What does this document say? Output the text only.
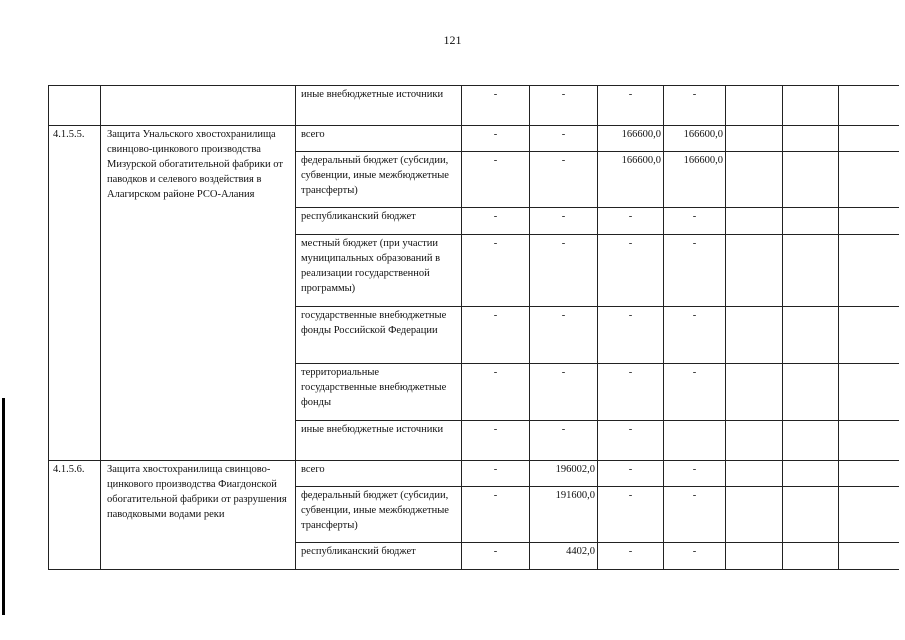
121
		иные внебюджетные источники	-	-	-	-			
4.1.5.5.	Защита Унальского хвостохранилища свинцово-цинкового производства Мизурской обогатительной фабрики от паводков и селевого воздействия в Алагирском районе РСО-Алания	всего	-	-	166600,0	166600,0			
		федеральный бюджет (субсидии, субвенции, иные межбюджетные трансферты)	-	-	166600,0	166600,0			
		республиканский бюджет	-	-	-	-			
		местный бюджет (при участии муниципальных образований в реализации государственной программы)	-	-	-	-			
		государственные внебюджетные фонды Российской Федерации	-	-	-	-			
		территориальные государственные внебюджетные фонды	-	-	-	-			
		иные внебюджетные источники	-	-	-				
4.1.5.6.	Защита хвостохранилища свинцово-цинкового производства Фиагдонской обогатительной фабрики от разрушения паводковыми водами реки	всего	-	196002,0	-	-			
		федеральный бюджет (субсидии, субвенции, иные межбюджетные трансферты)	-	191600,0	-	-			
		республиканский бюджет	-	4402,0	-	-			
